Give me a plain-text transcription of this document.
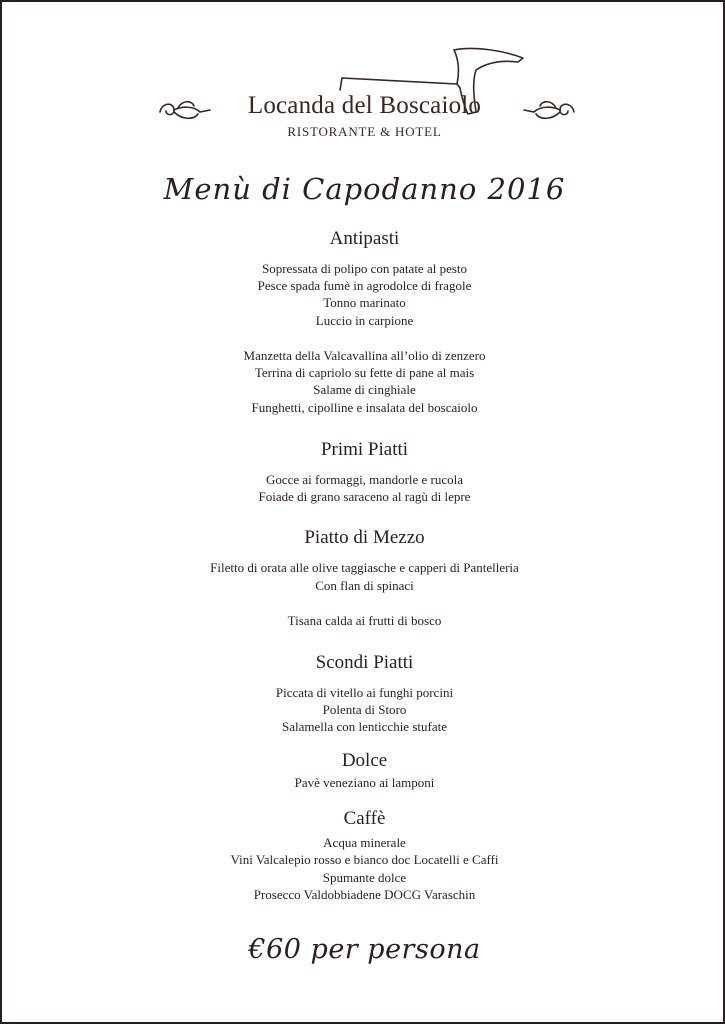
Locanda del Boscaiolo
RISTORANTE & HOTEL
Menù di Capodanno 2016
Antipasti
Sopressata di polipo con patate al pesto
Pesce spada fumè in agrodolce di fragole
Tonno marinato
Luccio in carpione
Manzetta della Valcavallina all’olio di zenzero
Terrina di capriolo su fette di pane al mais
Salame di cinghiale
Funghetti, cipolline e insalata del boscaiolo
Primi Piatti
Gocce ai formaggi, mandorle e rucola
Foiade di grano saraceno al ragù di lepre
Piatto di Mezzo
Filetto di orata alle olive taggiasche e capperi di Pantelleria
Con flan di spinaci
Tisana calda ai frutti di bosco
Scondi Piatti
Piccata di vitello ai funghi porcini
Polenta di Storo
Salamella con lenticchie stufate
Dolce
Pavè veneziano ai lamponi
Caffè
Acqua minerale
Vini Valcalepio rosso e bianco doc Locatelli e Caffi
Spumante dolce
Prosecco Valdobbiadene DOCG Varaschin
€60 per persona
